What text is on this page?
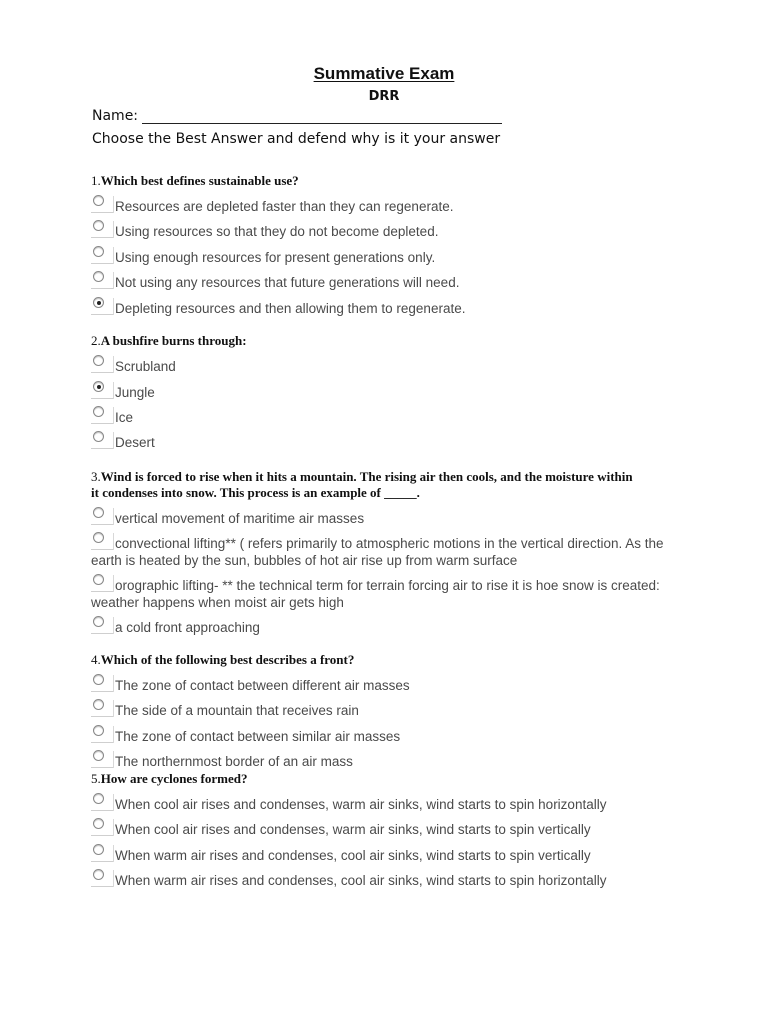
Summative Exam
DRR
Name:
Choose the Best Answer and defend why is it your answer
1.Which best defines sustainable use?
Resources are depleted faster than they can regenerate.
Using resources so that they do not become depleted.
Using enough resources for present generations only.
Not using any resources that future generations will need.
Depleting resources and then allowing them to regenerate.
2.A bushfire burns through:
Scrubland
Jungle
Ice
Desert
3.Wind is forced to rise when it hits a mountain. The rising air then cools, and the moisture within
it condenses into snow. This process is an example of _____.
vertical movement of maritime air masses
convectional lifting** ( refers primarily to atmospheric motions in the vertical direction. As the
earth is heated by the sun, bubbles of hot air rise up from warm surface
orographic lifting- ** the technical term for terrain forcing air to rise it is hoe snow is created:
weather happens when moist air gets high
a cold front approaching
4.Which of the following best describes a front?
The zone of contact between different air masses
The side of a mountain that receives rain
The zone of contact between similar air masses
The northernmost border of an air mass
5.How are cyclones formed?
When cool air rises and condenses, warm air sinks, wind starts to spin horizontally
When cool air rises and condenses, warm air sinks, wind starts to spin vertically
When warm air rises and condenses, cool air sinks, wind starts to spin vertically
When warm air rises and condenses, cool air sinks, wind starts to spin horizontally
